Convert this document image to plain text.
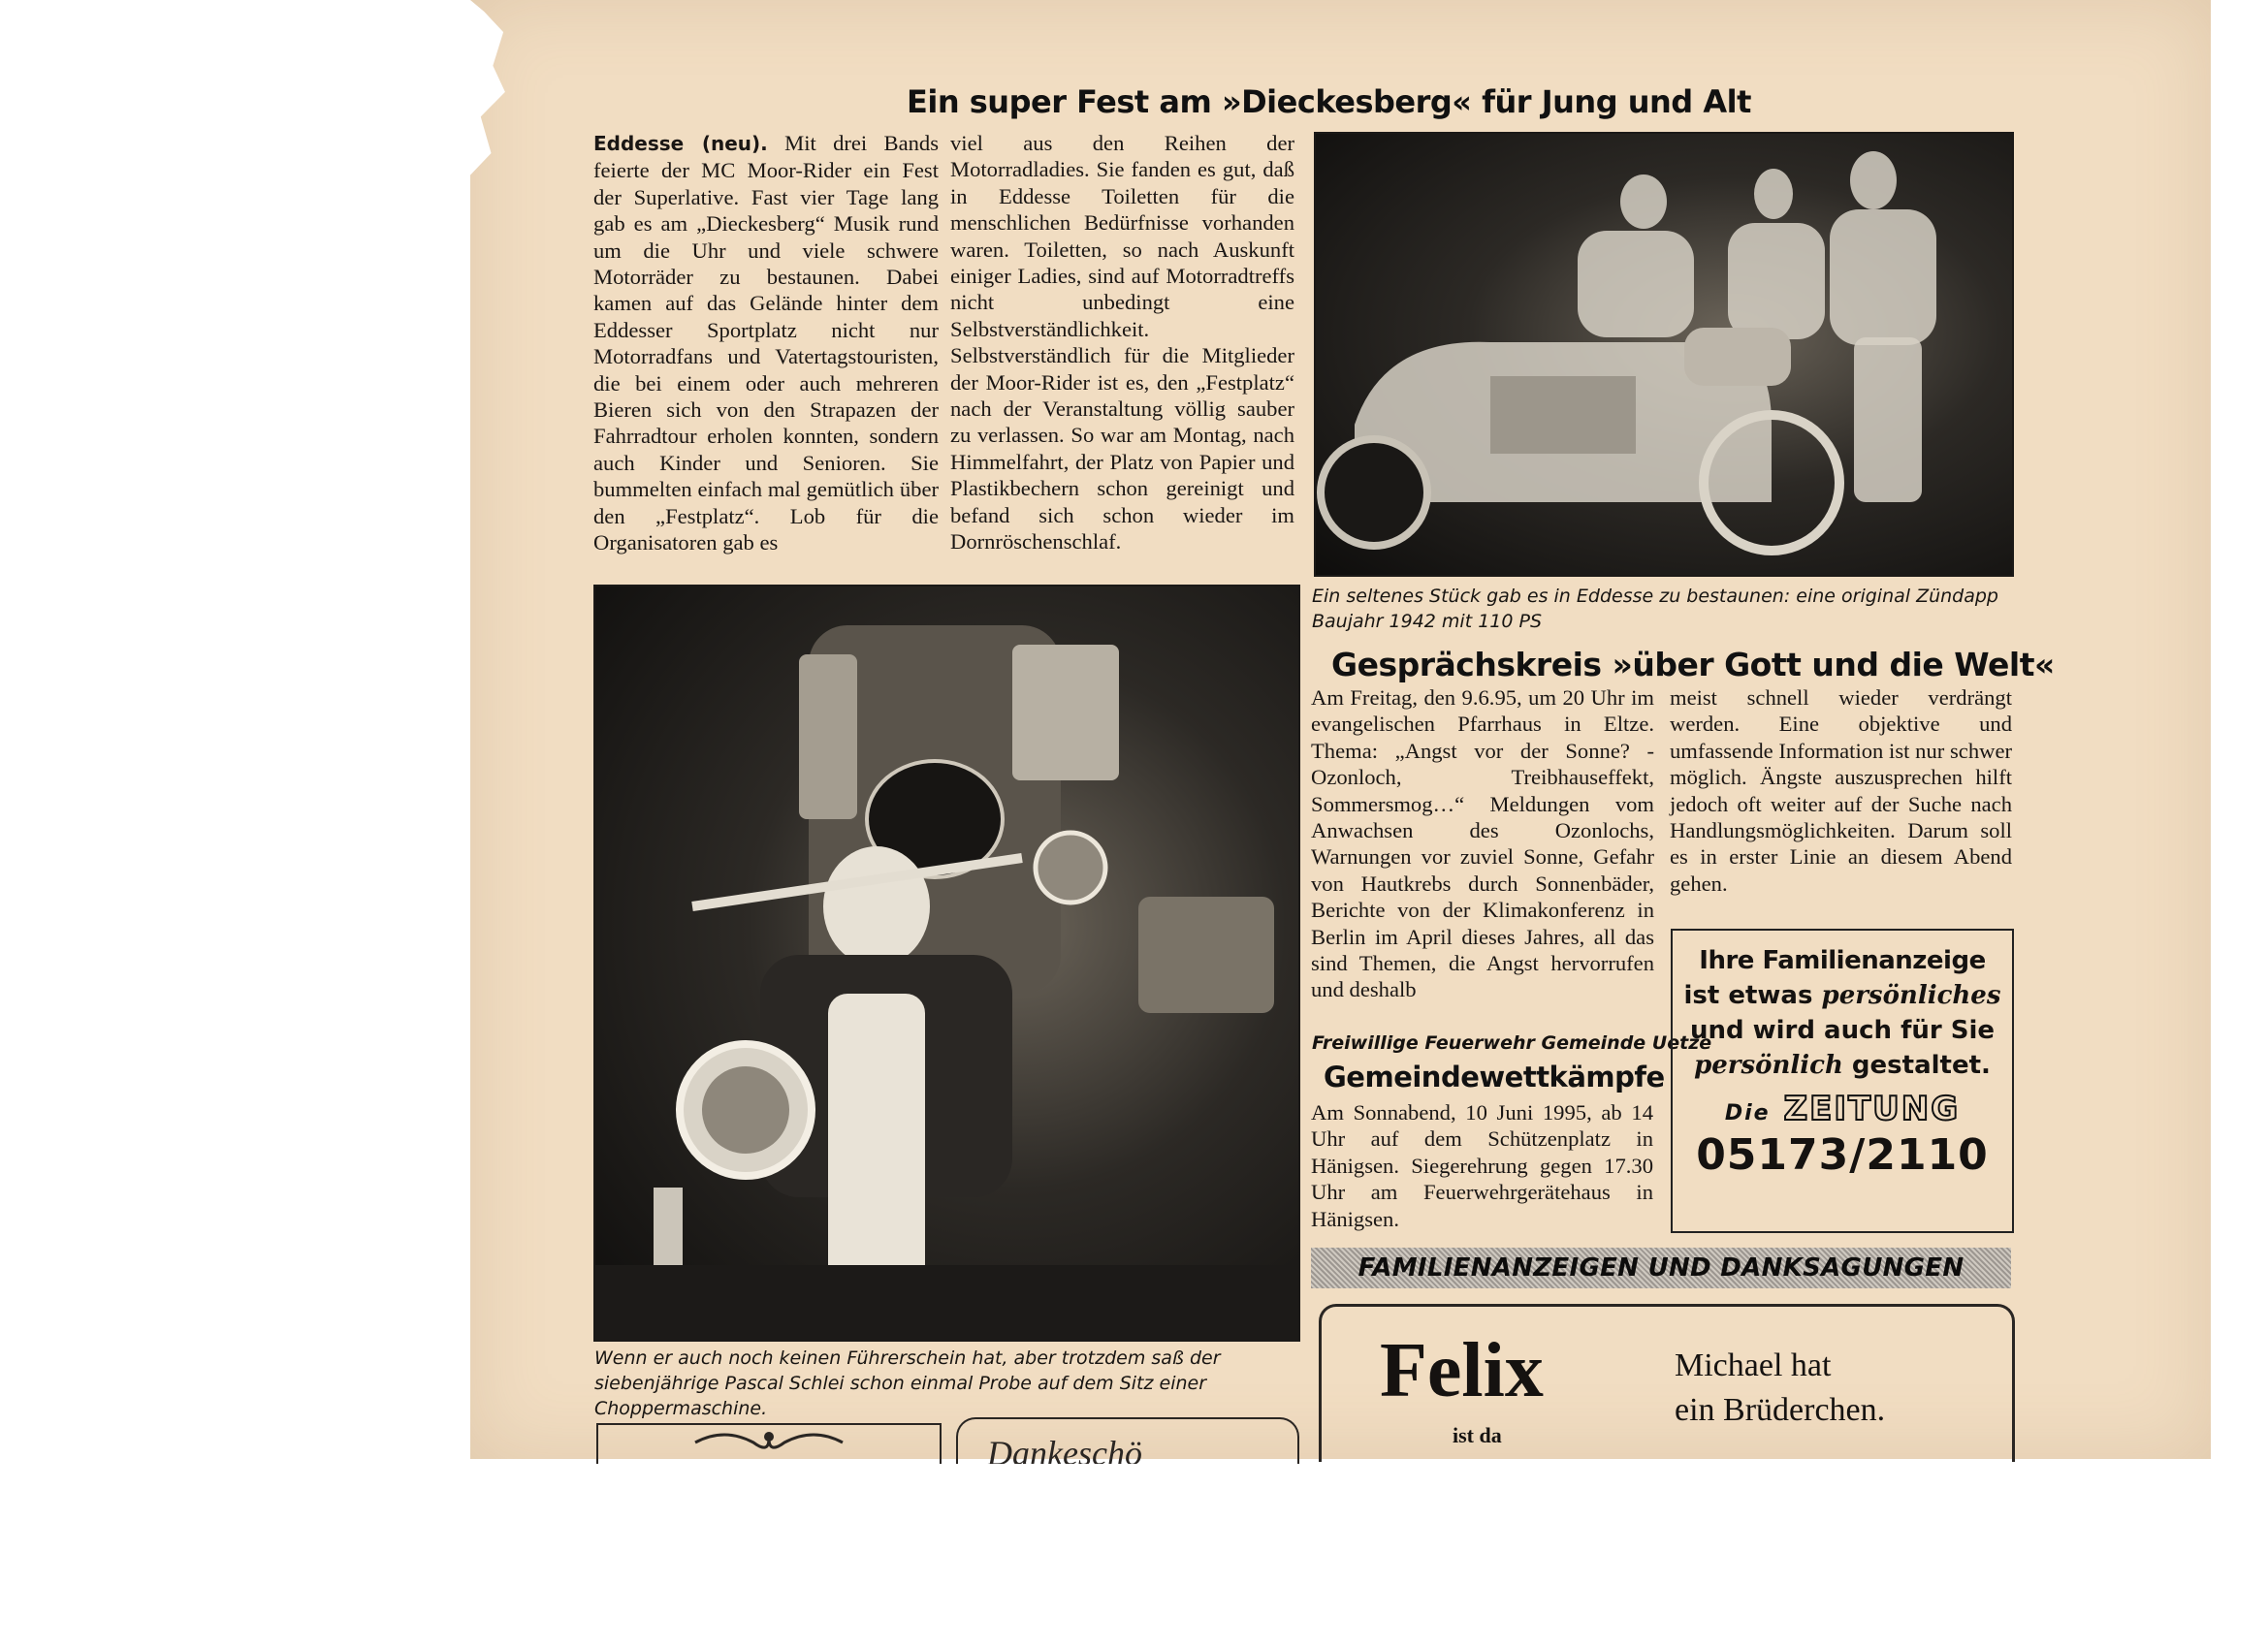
Ein super Fest am »Dieckesberg« für Jung und Alt
Eddesse (neu). Mit drei Bands feierte der MC Moor-Rider ein Fest der Superlative. Fast vier Tage lang gab es am „Dieckesberg“ Musik rund um die Uhr und viele schwere Motorräder zu bestaunen. Dabei kamen auf das Gelände hinter dem Eddesser Sportplatz nicht nur Motorradfans und Vatertagstouristen, die bei einem oder auch mehreren Bieren sich von den Strapazen der Fahrradtour erholen konnten, sondern auch Kinder und Senioren. Sie bummelten einfach mal gemütlich über den „Festplatz“. Lob für die Organisatoren gab es
viel aus den Reihen der Motorradladies. Sie fanden es gut, daß in Eddesse Toiletten für die menschlichen Bedürfnisse vorhanden waren. Toiletten, so nach Auskunft einiger Ladies, sind auf Motorradtreffs nicht unbedingt eine Selbstverständlichkeit. Selbstverständlich für die Mitglieder der Moor-Rider ist es, den „Festplatz“ nach der Veranstaltung völlig sauber zu verlassen. So war am Montag, nach Himmelfahrt, der Platz von Papier und Plastikbechern schon gereinigt und befand sich schon wieder im Dornröschenschlaf.
Ein seltenes Stück gab es in Eddesse zu bestaunen: eine original Zündapp Baujahr 1942 mit 110 PS
Wenn er auch noch keinen Führerschein hat, aber trotzdem saß der siebenjährige Pascal Schlei schon einmal Probe auf dem Sitz einer Choppermaschine.
Gesprächskreis »über Gott und die Welt«
Am Freitag, den 9.6.95, um 20 Uhr im evangelischen Pfarrhaus in Eltze. Thema: „Angst vor der Sonne? - Ozonloch, Treibhauseffekt, Sommersmog…“ Meldungen vom Anwachsen des Ozonlochs, Warnungen vor zuviel Sonne, Gefahr von Hautkrebs durch Sonnenbäder, Berichte von der Klimakonferenz in Berlin im April dieses Jahres, all das sind Themen, die Angst hervorrufen und deshalb
meist schnell wieder verdrängt werden. Eine objektive und umfassende Information ist nur schwer möglich. Ängste auszusprechen hilft jedoch oft weiter auf der Suche nach Handlungsmöglichkeiten. Darum soll es in erster Linie an diesem Abend gehen.
Freiwillige Feuerwehr Gemeinde Uetze
Gemeindewettkämpfe
Am Sonnabend, 10 Juni 1995, ab 14 Uhr auf dem Schützenplatz in Hänigsen. Siegerehrung gegen 17.30 Uhr am Feuerwehrgerätehaus in Hänigsen.
Ihre Familienanzeige
ist etwas persönliches
und wird auch für Sie
persönlich gestaltet.
Die ZEITUNG
05173/2110
FAMILIENANZEIGEN UND DANKSAGUNGEN
Felix
ist da
Michael hat
ein Brüderchen.
Dankeschö
